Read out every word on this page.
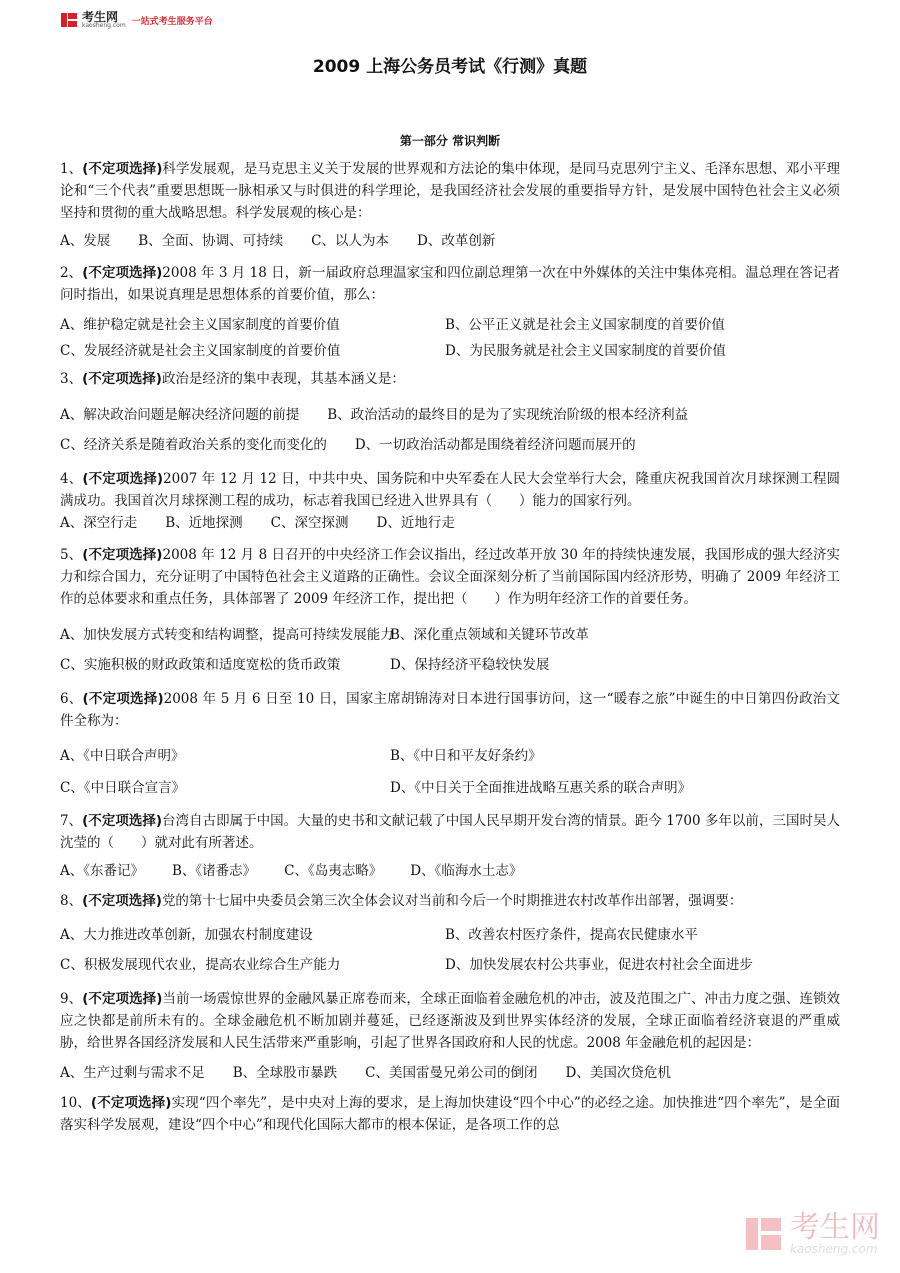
考生网
kaosheng.com 一站式考生服务平台
2009 上海公务员考试《行测》真题
第一部分 常识判断

1、(不定项选择)科学发展观，是马克思主义关于发展的世界观和方法论的集中体现，是同马克思列宁主义、毛泽东思想、邓小平理论和“三个代表”重要思想既一脉相承又与时俱进的科学理论，是我国经济社会发展的重要指导方针，是发展中国特色社会主义必须坚持和贯彻的重大战略思想。科学发展观的核心是：

A、发展 B、全面、协调、可持续 C、以人为本 D、改革创新

2、(不定项选择)2008 年 3 月 18 日，新一届政府总理温家宝和四位副总理第一次在中外媒体的关注中集体亮相。温总理在答记者问时指出，如果说真理是思想体系的首要价值，那么：

A、维护稳定就是社会主义国家制度的首要价值	B、公平正义就是社会主义国家制度的首要价值
C、发展经济就是社会主义国家制度的首要价值	D、为民服务就是社会主义国家制度的首要价值

3、(不定项选择)政治是经济的集中表现，其基本涵义是：

A、解决政治问题是解决经济问题的前提 B、政治活动的最终目的是为了实现统治阶级的根本经济利益
C、经济关系是随着政治关系的变化而变化的 D、一切政治活动都是围绕着经济问题而展开的

4、(不定项选择)2007 年 12 月 12 日，中共中央、国务院和中央军委在人民大会堂举行大会，隆重庆祝我国首次月球探测工程圆满成功。我国首次月球探测工程的成功，标志着我国已经进入世界具有（　　）能力的国家行列。

A、深空行走 B、近地探测 C、深空探测 D、近地行走

5、(不定项选择)2008 年 12 月 8 日召开的中央经济工作会议指出，经过改革开放 30 年的持续快速发展，我国形成的强大经济实力和综合国力，充分证明了中国特色社会主义道路的正确性。会议全面深刻分析了当前国际国内经济形势，明确了 2009 年经济工作的总体要求和重点任务，具体部署了 2009 年经济工作，提出把（　　）作为明年经济工作的首要任务。

A、加快发展方式转变和结构调整，提高可持续发展能力
B、深化重点领域和关键环节改革
C、实施积极的财政政策和适度宽松的货币政策	D、保持经济平稳较快发展

6、(不定项选择)2008 年 5 月 6 日至 10 日，国家主席胡锦涛对日本进行国事访问，这一“暖春之旅”中诞生的中日第四份政治文件全称为：

A、《中日联合声明》	B、《中日和平友好条约》
C、《中日联合宣言》	D、《中日关于全面推进战略互惠关系的联合声明》

7、(不定项选择)台湾自古即属于中国。大量的史书和文献记载了中国人民早期开发台湾的情景。距今 1700 多年以前，三国时吴人沈莹的（　　）就对此有所著述。

A、《东番记》 B、《诸番志》 C、《岛夷志略》 D、《临海水土志》

8、(不定项选择)党的第十七届中央委员会第三次全体会议对当前和今后一个时期推进农村改革作出部署，强调要：

A、大力推进改革创新，加强农村制度建设	B、改善农村医疗条件，提高农民健康水平
C、积极发展现代农业，提高农业综合生产能力	D、加快发展农村公共事业，促进农村社会全面进步

9、(不定项选择)当前一场震惊世界的金融风暴正席卷而来，全球正面临着金融危机的冲击，波及范围之广、冲击力度之强、连锁效应之快都是前所未有的。全球金融危机不断加剧并蔓延，已经逐渐波及到世界实体经济的发展，全球正面临着经济衰退的严重威胁，给世界各国经济发展和人民生活带来严重影响，引起了世界各国政府和人民的忧虑。2008 年金融危机的起因是：

A、生产过剩与需求不足 B、全球股市暴跌 C、美国雷曼兄弟公司的倒闭 D、美国次贷危机

10、(不定项选择)实现“四个率先”，是中央对上海的要求，是上海加快建设“四个中心”的必经之途。加快推进“四个率先”，是全面落实科学发展观，建设“四个中心”和现代化国际大都市的根本保证，是各项工作的总

考生网
kaosheng.com
